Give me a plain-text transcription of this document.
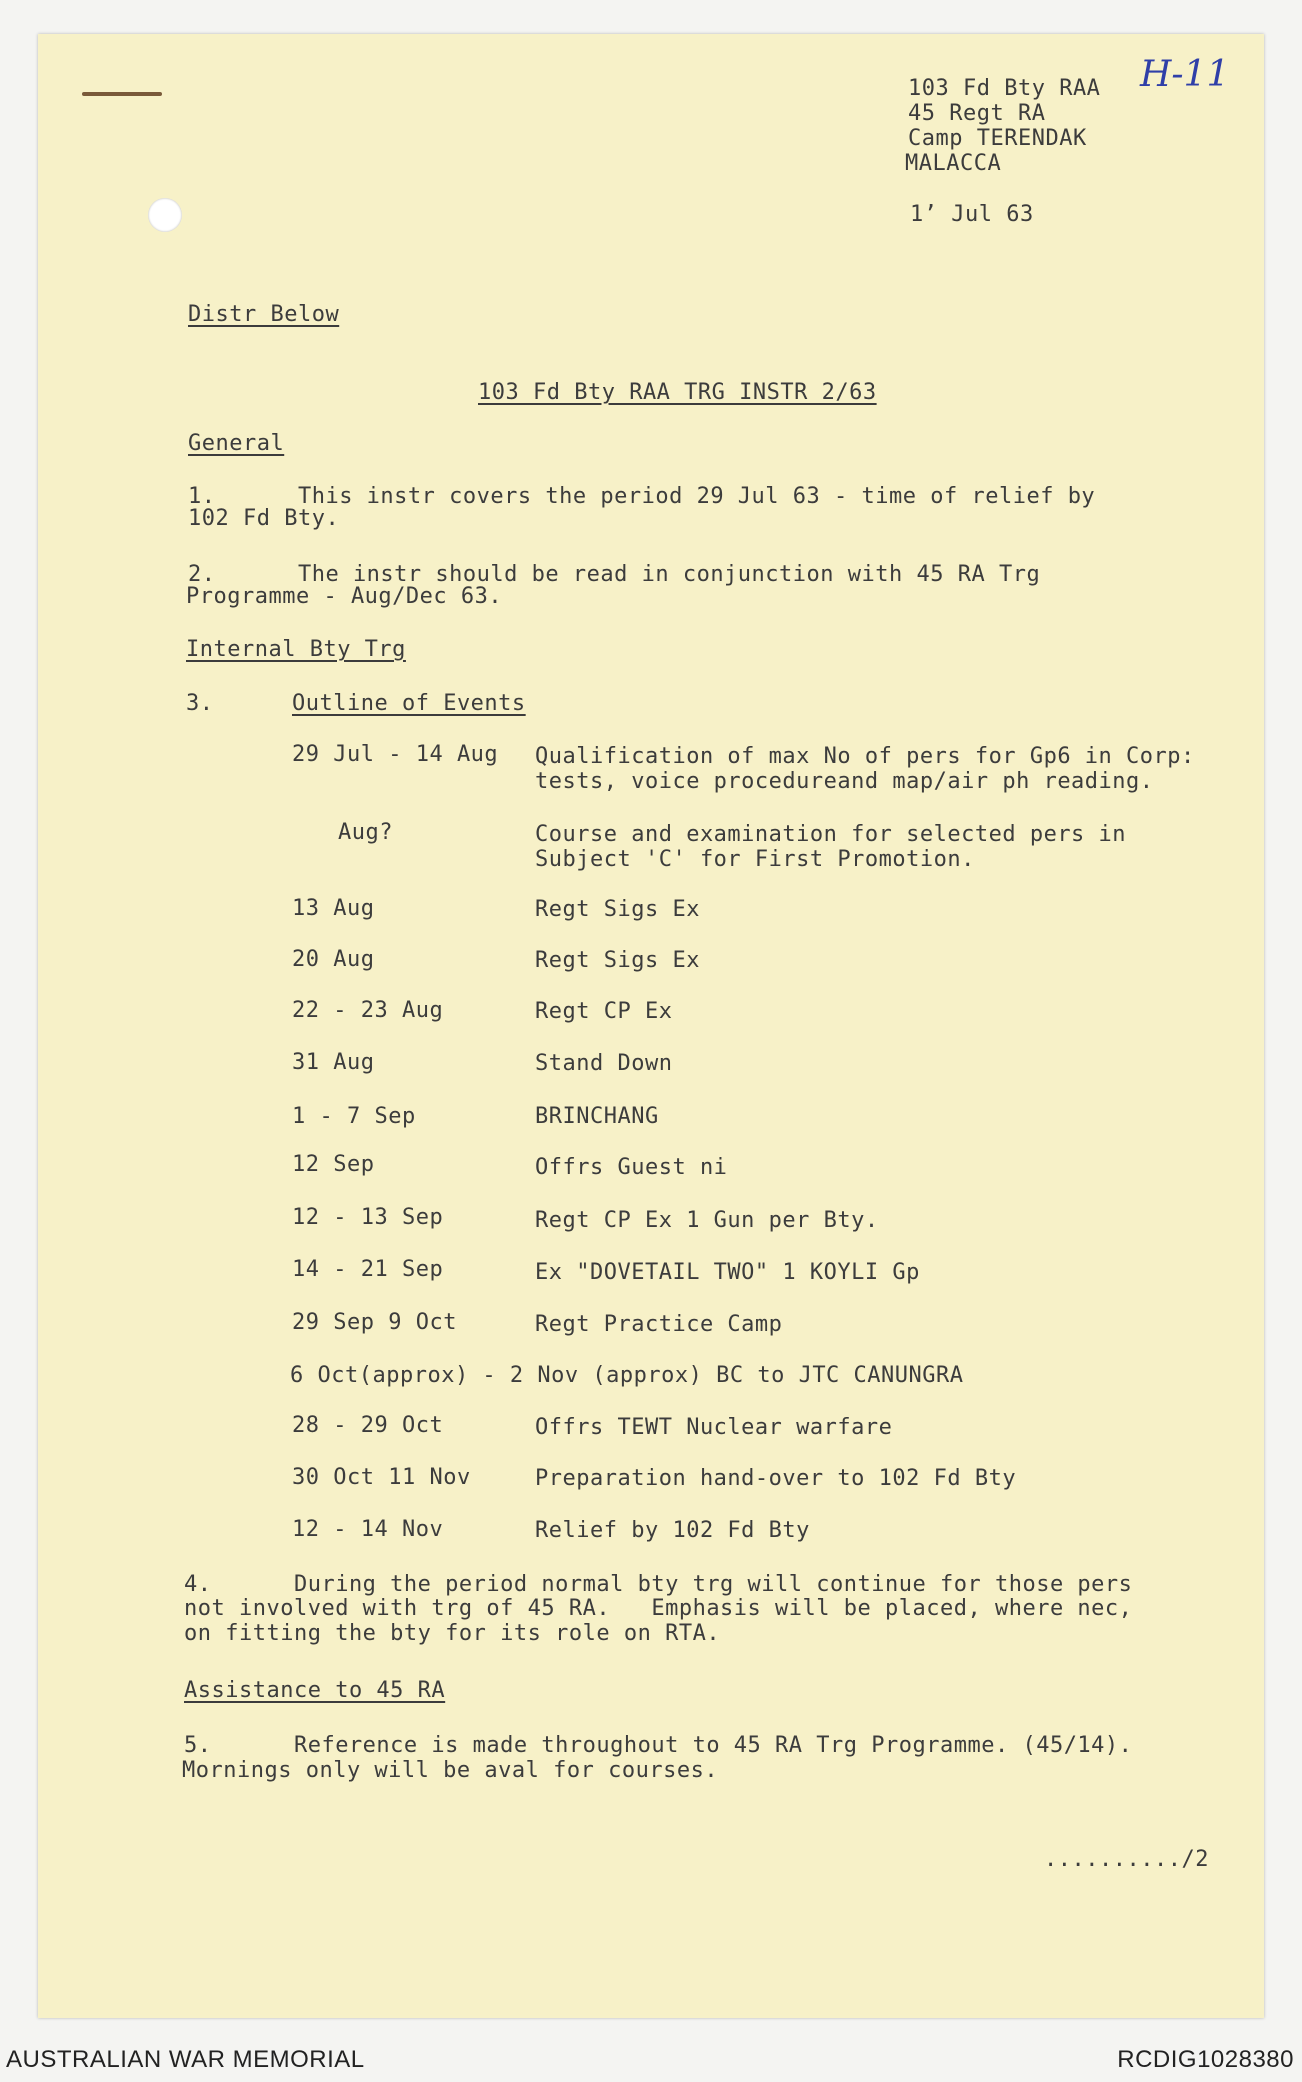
H-11
103 Fd Bty RAA
45 Regt RA
Camp TERENDAK
MALACCA
1’ Jul 63
Distr Below
103 Fd Bty RAA TRG INSTR 2/63
General
1.      This instr covers the period 29 Jul 63 - time of relief by
102 Fd Bty.
2.      The instr should be read in conjunction with 45 RA Trg
Programme - Aug/Dec 63.
Internal Bty Trg
3.	Outline of Events
29 Jul - 14 Aug Qualification of max No of pers for Gp6 in Corp:
tests, voice procedureand map/air ph reading.
Aug?	Course and examination for selected pers in
Subject 'C' for First Promotion.
13 Aug	Regt Sigs Ex
20 Aug	Regt Sigs Ex
22 - 23 Aug	Regt CP Ex
31 Aug	Stand Down
1 - 7 Sep	BRINCHANG
12 Sep	Offrs Guest ni
12 - 13 Sep	Regt CP Ex 1 Gun per Bty.
14 - 21 Sep	Ex "DOVETAIL TWO" 1 KOYLI Gp
29 Sep 9 Oct	Regt Practice Camp
6 Oct(approx) - 2 Nov (approx) BC to JTC CANUNGRA
28 - 29 Oct	Offrs TEWT Nuclear warfare
30 Oct 11 Nov	Preparation hand-over to 102 Fd Bty
12 - 14 Nov	Relief by 102 Fd Bty
4.      During the period normal bty trg will continue for those pers
not involved with trg of 45 RA.   Emphasis will be placed, where nec,
on fitting the bty for its role on RTA.
Assistance to 45 RA
5.      Reference is made throughout to 45 RA Trg Programme. (45/14).
Mornings only will be aval for courses.
........../2
AUSTRALIAN WAR MEMORIAL	RCDIG1028380
